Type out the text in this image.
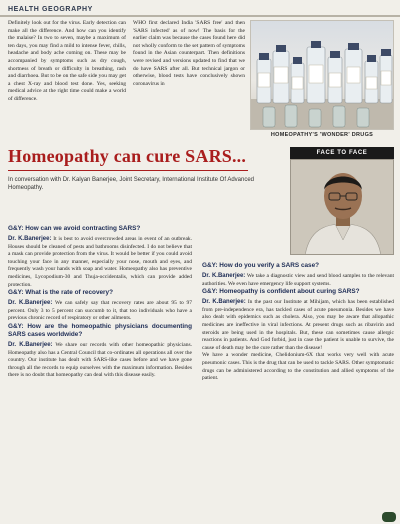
HEALTH GEOGRAPHY

Definitely look out for the virus. Early detection can make all the difference. And how can you identify the malaise? In two to seven, maybe a maximum of ten days, you may find a mild to intense fever, chills, headache and body ache coming on. These may be accompanied by symptoms such as dry cough, shortness of breath or difficulty in breathing, rash and diarrhoea. But to be on the safe side you may get a chest X-ray and blood test done. Yes, seeking medical advice at the right time could make a world of difference.

WHO first declared India 'SARS free' and then 'SARS infected' as of now! The basis for the earlier claim was because the cases found here did not wholly conform to the set pattern of symptoms found in the Asian counterpart. Then definitions were revised and versions updated to find that we do have SARS after all. But technical jargon or otherwise, blood tests have conclusively shown coronavirus in

HOMEOPATHY'S 'WONDER' DRUGS
Homeopathy can cure SARS...
In conversation with Dr. Kalyan Banerjee, Joint Secretary, International Institute Of Advanced Homeopathy.
FACE TO FACE
G&Y: How can we avoid contracting SARS?

Dr. K.Banerjee: It is best to avoid overcrowded areas in event of an outbreak. Houses should be cleaned of pests and bathrooms disinfected. I do not believe that a mask can provide protection from the virus. It would be better if you could avoid touching your face in any manner, especially your nose, mouth and eyes, and frequently wash your hands with soap and water. Homeopathy also has preventive medicines, Lycopodium-30 and Thuja-occidentalis, which can provide added protection.

G&Y: What is the rate of recovery?

Dr. K.Banerjee: We can safely say that recovery rates are about 95 to 97 percent. Only 3 to 5 percent can succumb to it, that too individuals who have a previous chronic record of respiratory or other ailments.

G&Y: How are the homeopathic physicians documenting SARS cases worldwide?

Dr. K.Banerjee: We share our records with other homeopathic physicians. Homeopathy also has a Central Council that co-ordinates all operations all over the country. Our institute has dealt with SARS-like cases before and we have gone through all the records to equip ourselves with the maximum information. Besides there is no doubt that homeopathy can deal with this disease easily.

G&Y: How do you verify a SARS case?

Dr. K.Banerjee: We take a diagnostic view and send blood samples to the relevant authorities. We even have emergency life support systems.

G&Y: Homeopathy is confident about curing SARS?

Dr. K.Banerjee: In the past our Institute at Mihijam, which has been established from pre-independence era, has tackled cases of acute pneumonia. Besides we have also dealt with epidemics such as cholera. Also, you may be aware that allopathic medicines are ineffective in viral infections. At present drugs such as ribavirin and steroids are being used in the hospitals. But, these can sometimes cause allergic reactions in patients. And God forbid, just in case the patient is unable to survive, the cause of death may be the cure rather than the disease!

We have a wonder medicine, Chelidonium-6X that works very well with acute pneumonic cases. This is the drug that can be used to tackle SARS. Other symptomatic drugs can be administered according to the constitution and allied symptoms of the patient.
